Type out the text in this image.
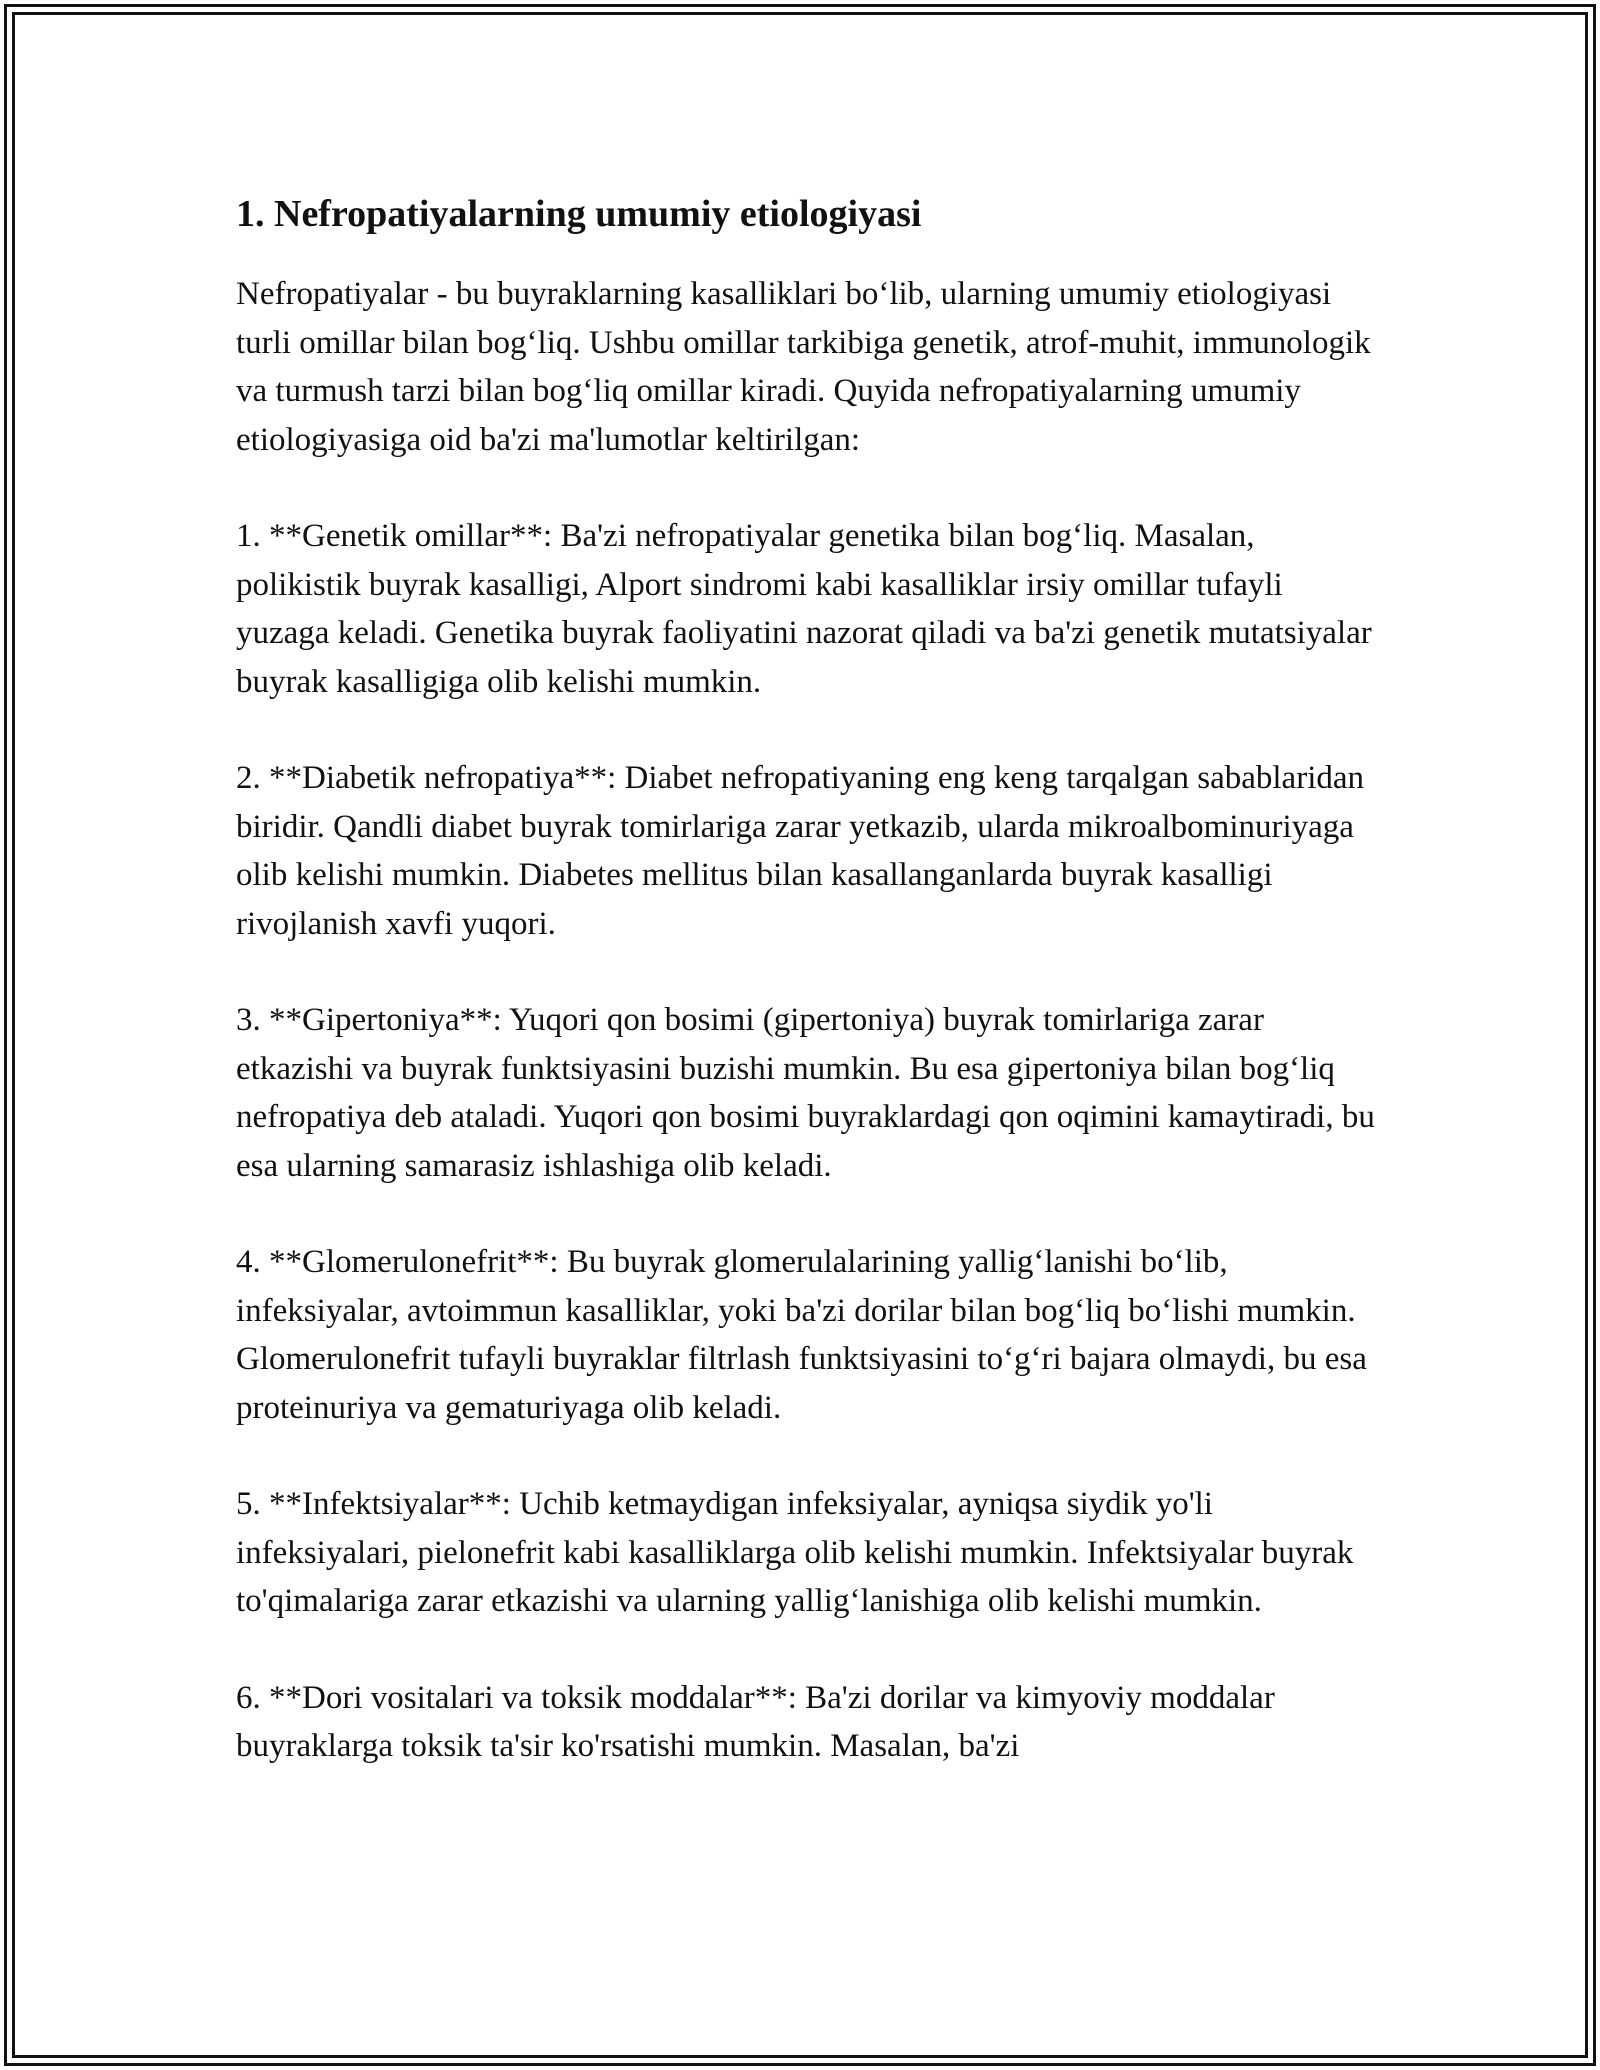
1. Nefropatiyalarning umumiy etiologiyasi

Nefropatiyalar - bu buyraklarning kasalliklari bo‘lib, ularning umumiy etiologiyasi turli omillar bilan bog‘liq. Ushbu omillar tarkibiga genetik, atrof-muhit, immunologik va turmush tarzi bilan bog‘liq omillar kiradi. Quyida nefropatiyalarning umumiy etiologiyasiga oid ba'zi ma'lumotlar keltirilgan:

1. **Genetik omillar**: Ba'zi nefropatiyalar genetika bilan bog‘liq. Masalan, polikistik buyrak kasalligi, Alport sindromi kabi kasalliklar irsiy omillar tufayli yuzaga keladi. Genetika buyrak faoliyatini nazorat qiladi va ba'zi genetik mutatsiyalar buyrak kasalligiga olib kelishi mumkin.

2. **Diabetik nefropatiya**: Diabet nefropatiyaning eng keng tarqalgan sabablaridan biridir. Qandli diabet buyrak tomirlariga zarar yetkazib, ularda mikroalbominuriyaga olib kelishi mumkin. Diabetes mellitus bilan kasallanganlarda buyrak kasalligi rivojlanish xavfi yuqori.

3. **Gipertoniya**: Yuqori qon bosimi (gipertoniya) buyrak tomirlariga zarar etkazishi va buyrak funktsiyasini buzishi mumkin. Bu esa gipertoniya bilan bog‘liq nefropatiya deb ataladi. Yuqori qon bosimi buyraklardagi qon oqimini kamaytiradi, bu esa ularning samarasiz ishlashiga olib keladi.

4. **Glomerulonefrit**: Bu buyrak glomerulalarining yallig‘lanishi bo‘lib, infeksiyalar, avtoimmun kasalliklar, yoki ba'zi dorilar bilan bog‘liq bo‘lishi mumkin. Glomerulonefrit tufayli buyraklar filtrlash funktsiyasini to‘g‘ri bajara olmaydi, bu esa proteinuriya va gematuriyaga olib keladi.

5. **Infektsiyalar**: Uchib ketmaydigan infeksiyalar, ayniqsa siydik yo'li infeksiyalari, pielonefrit kabi kasalliklarga olib kelishi mumkin. Infektsiyalar buyrak to'qimalariga zarar etkazishi va ularning yallig‘lanishiga olib kelishi mumkin.

6. **Dori vositalari va toksik moddalar**: Ba'zi dorilar va kimyoviy moddalar buyraklarga toksik ta'sir ko'rsatishi mumkin. Masalan, ba'zi
